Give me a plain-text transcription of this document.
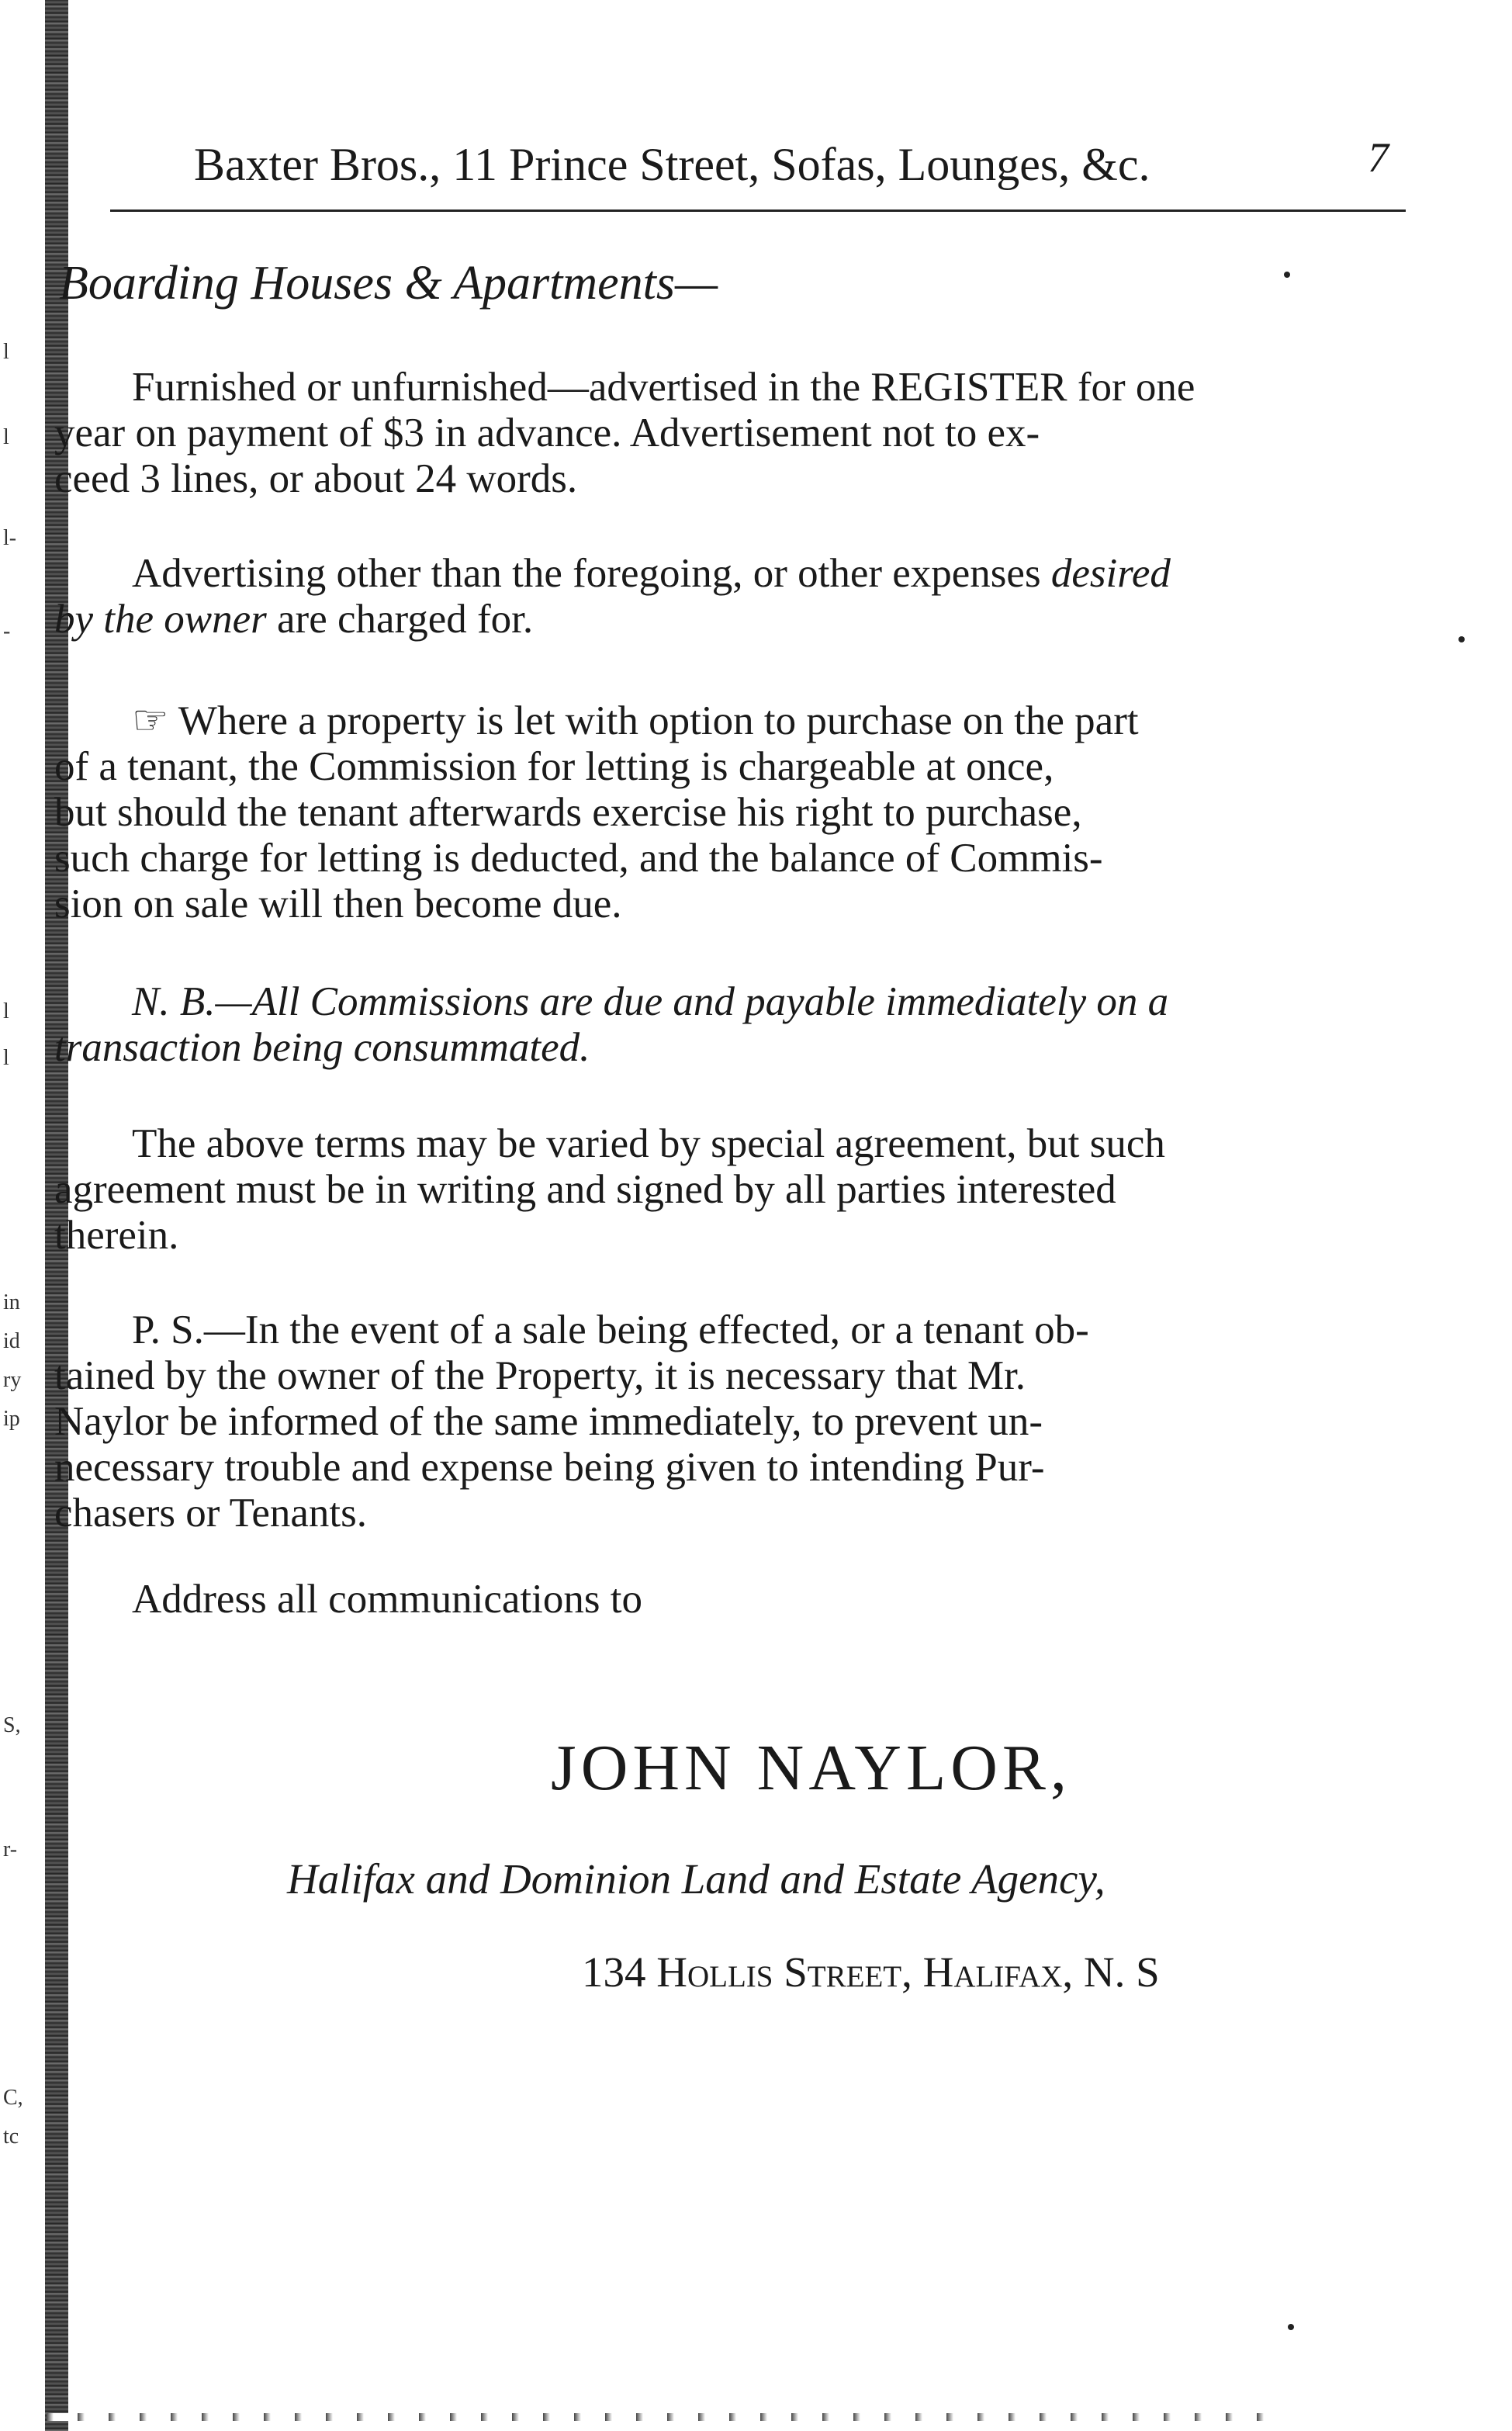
l
l
l-
-
l
l
in
id
ry
ip
S,
r-
C,
tc
Baxter Bros., 11 Prince Street, Sofas, Lounges, &c.	7
Boarding Houses & Apartments—

Furnished or unfurnished—advertised in the REGISTER for one
year on payment of $3 in advance. Advertisement not to ex-
ceed 3 lines, or about 24 words.

Advertising other than the foregoing, or other expenses desired
by the owner are charged for.

☞ Where a property is let with option to purchase on the part
of a tenant, the Commission for letting is chargeable at once,
but should the tenant afterwards exercise his right to purchase,
such charge for letting is deducted, and the balance of Commis-
sion on sale will then become due.

N. B.—All Commissions are due and payable immediately on a
transaction being consummated.

The above terms may be varied by special agreement, but such
agreement must be in writing and signed by all parties interested
therein.

P. S.—In the event of a sale being effected, or a tenant ob-
tained by the owner of the Property, it is necessary that Mr.
Naylor be informed of the same immediately, to prevent un-
necessary trouble and expense being given to intending Pur-
chasers or Tenants.

Address all communications to

JOHN NAYLOR,
Halifax and Dominion Land and Estate Agency,
134 Hollis Street, Halifax, N. S
